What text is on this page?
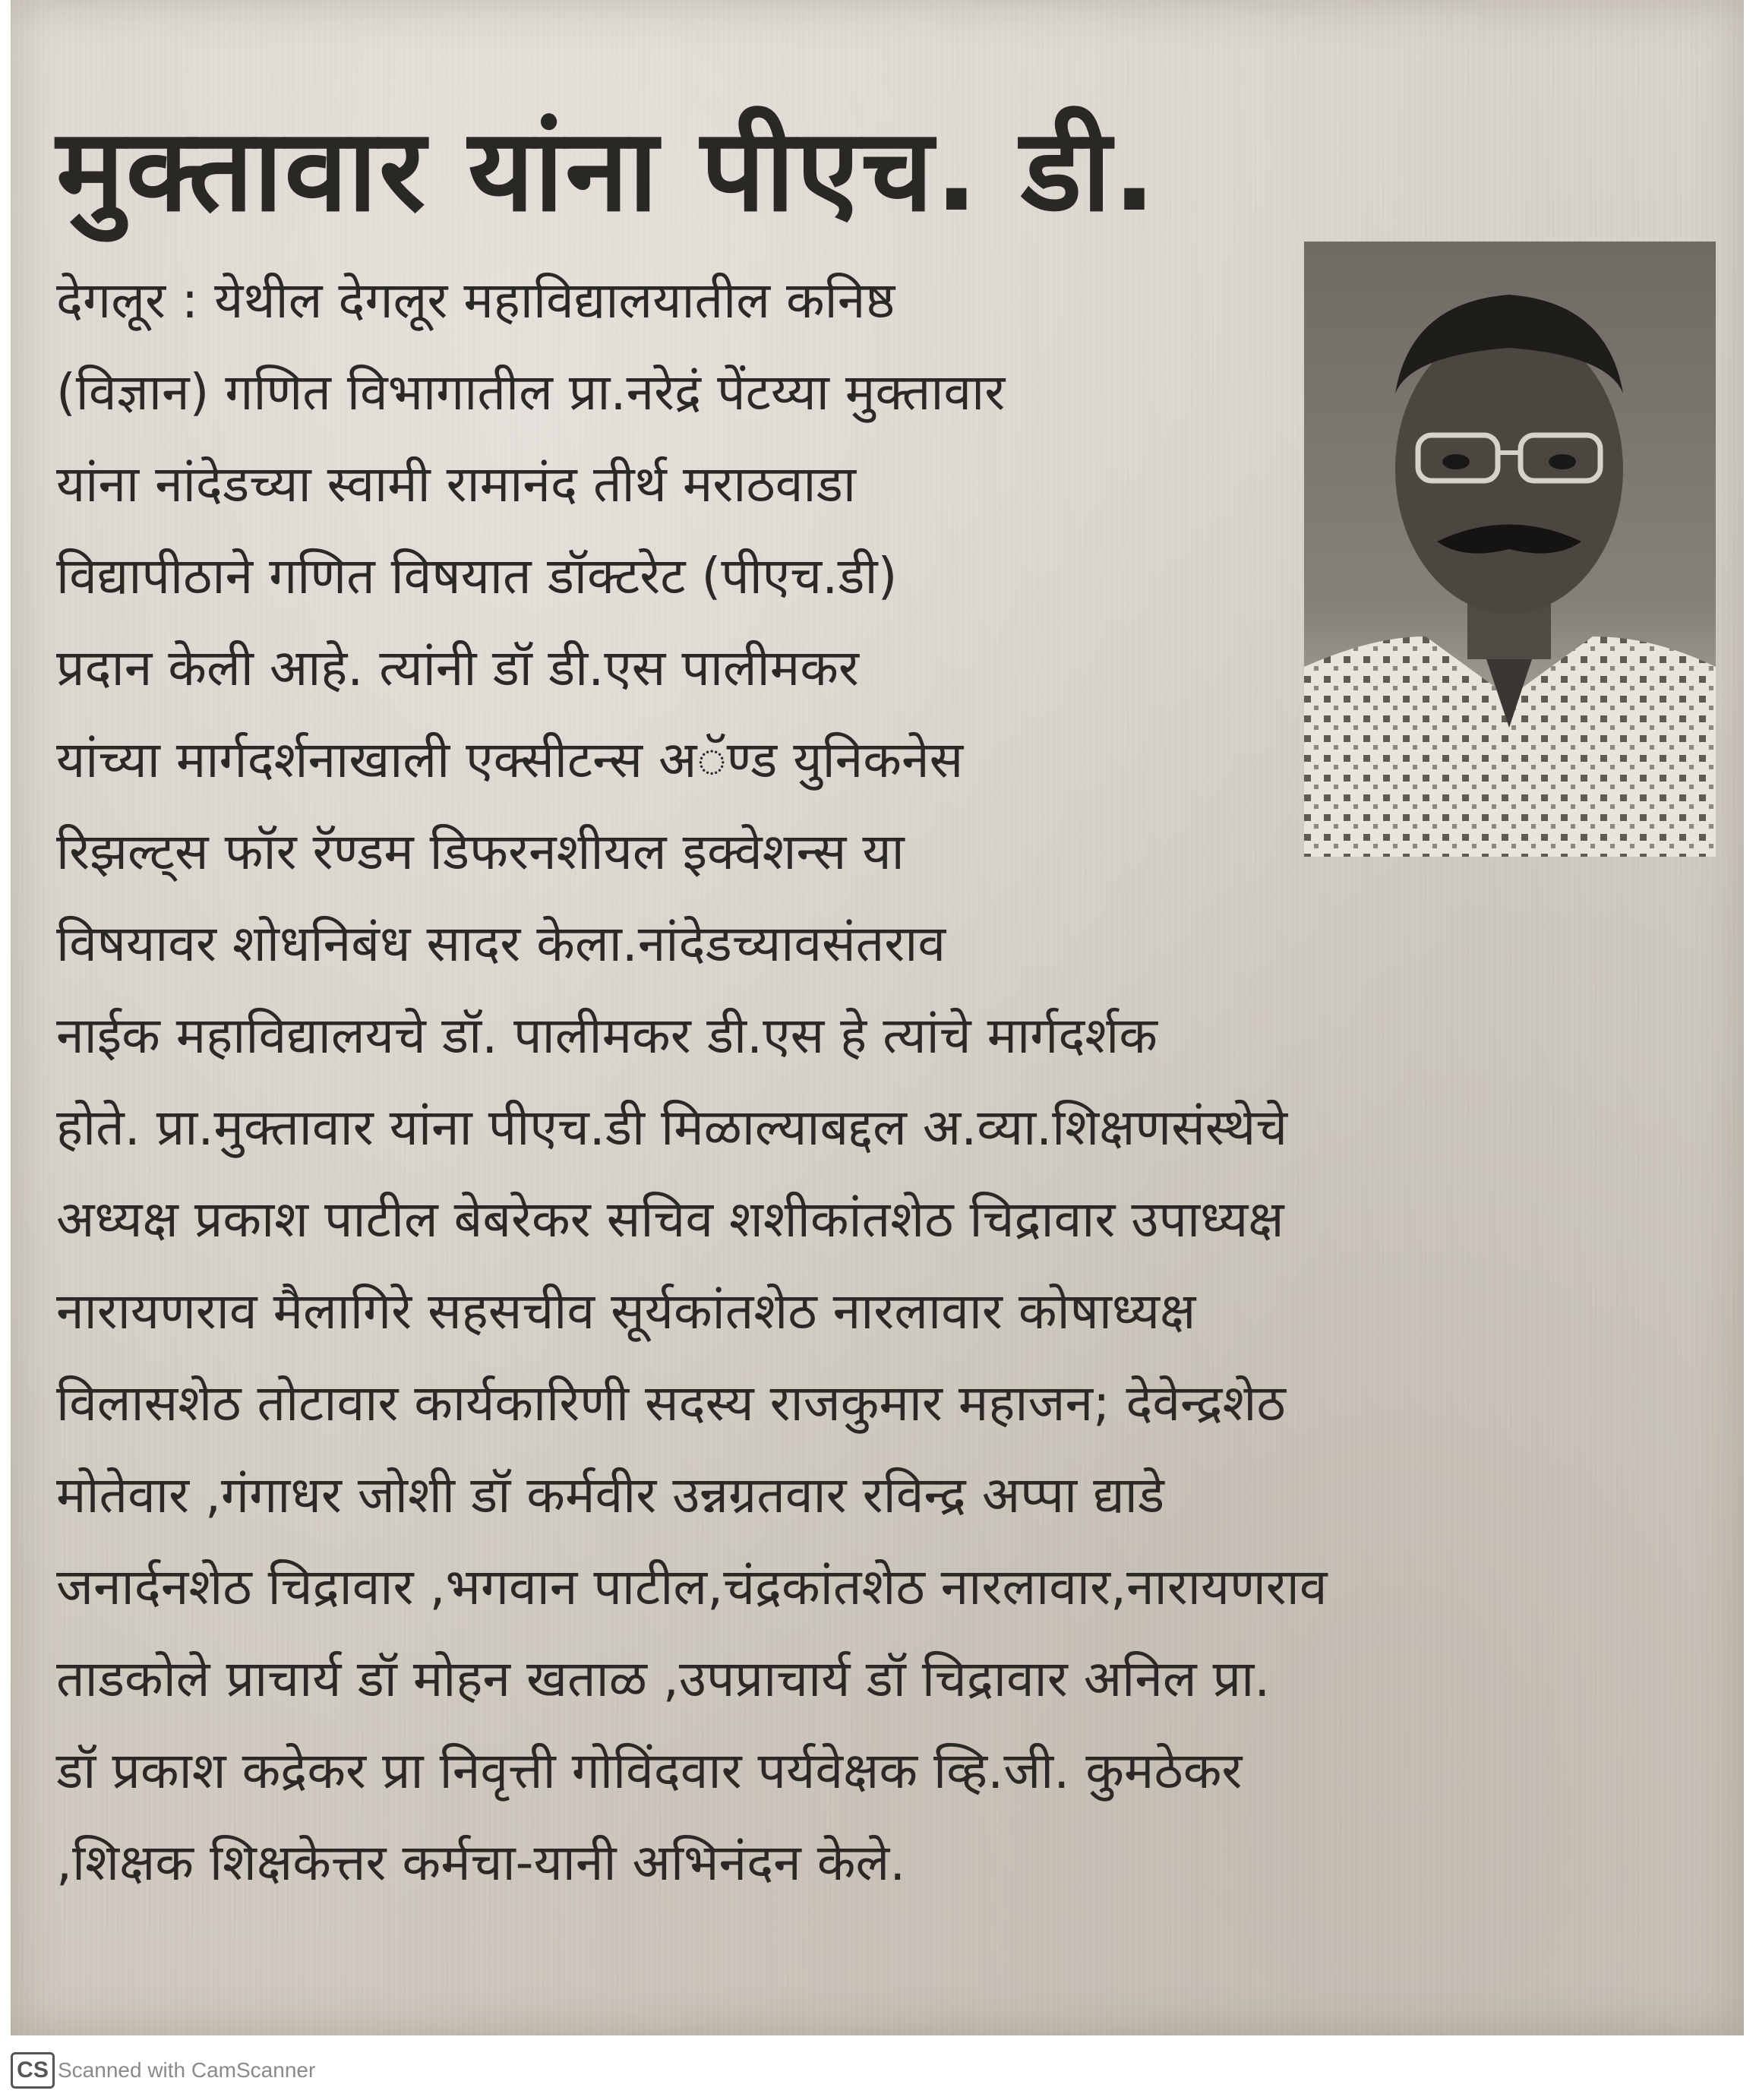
मुक्तावार यांना पीएच. डी.
देगलूर : येथील देगलूर महाविद्यालयातील कनिष्ठ
(विज्ञान) गणित विभागातील प्रा.नरेद्रं पेंटय्या मुक्तावार
यांना नांदेडच्या स्वामी रामानंद तीर्थ मराठवाडा
विद्यापीठाने गणित विषयात डॉक्टरेट (पीएच.डी)
प्रदान केली आहे. त्यांनी डॉ डी.एस पालीमकर
यांच्या मार्गदर्शनाखाली एक्सीटन्स अॅण्ड युनिकनेस
रिझल्ट्स फॉर रॅण्डम डिफरनशीयल इक्वेशन्स या
विषयावर शोधनिबंध सादर केला.नांदेडच्यावसंतराव
नाईक महाविद्यालयचे डॉ. पालीमकर डी.एस हे त्यांचे मार्गदर्शक
होते. प्रा.मुक्तावार यांना पीएच.डी मिळाल्याबद्दल अ.व्या.शिक्षणसंस्थेचे
अध्यक्ष प्रकाश पाटील बेबरेकर सचिव शशीकांतशेठ चिद्रावार उपाध्यक्ष
नारायणराव मैलागिरे सहसचीव सूर्यकांतशेठ नारलावार कोषाध्यक्ष
विलासशेठ तोटावार कार्यकारिणी सदस्य राजकुमार महाजन; देवेन्द्रशेठ
मोतेवार ,गंगाधर जोशी डॉ कर्मवीर उन्नग्रतवार रविन्द्र अप्पा द्याडे
जनार्दनशेठ चिद्रावार ,भगवान पाटील,चंद्रकांतशेठ नारलावार,नारायणराव
ताडकोले प्राचार्य डॉ मोहन खताळ ,उपप्राचार्य डॉ चिद्रावार अनिल प्रा.
डॉ प्रकाश कद्रेकर प्रा निवृत्ती गोविंदवार पर्यवेक्षक व्हि.जी. कुमठेकर
,शिक्षक शिक्षकेत्तर कर्मचा-यानी अभिनंदन केले.
CS Scanned with CamScanner
